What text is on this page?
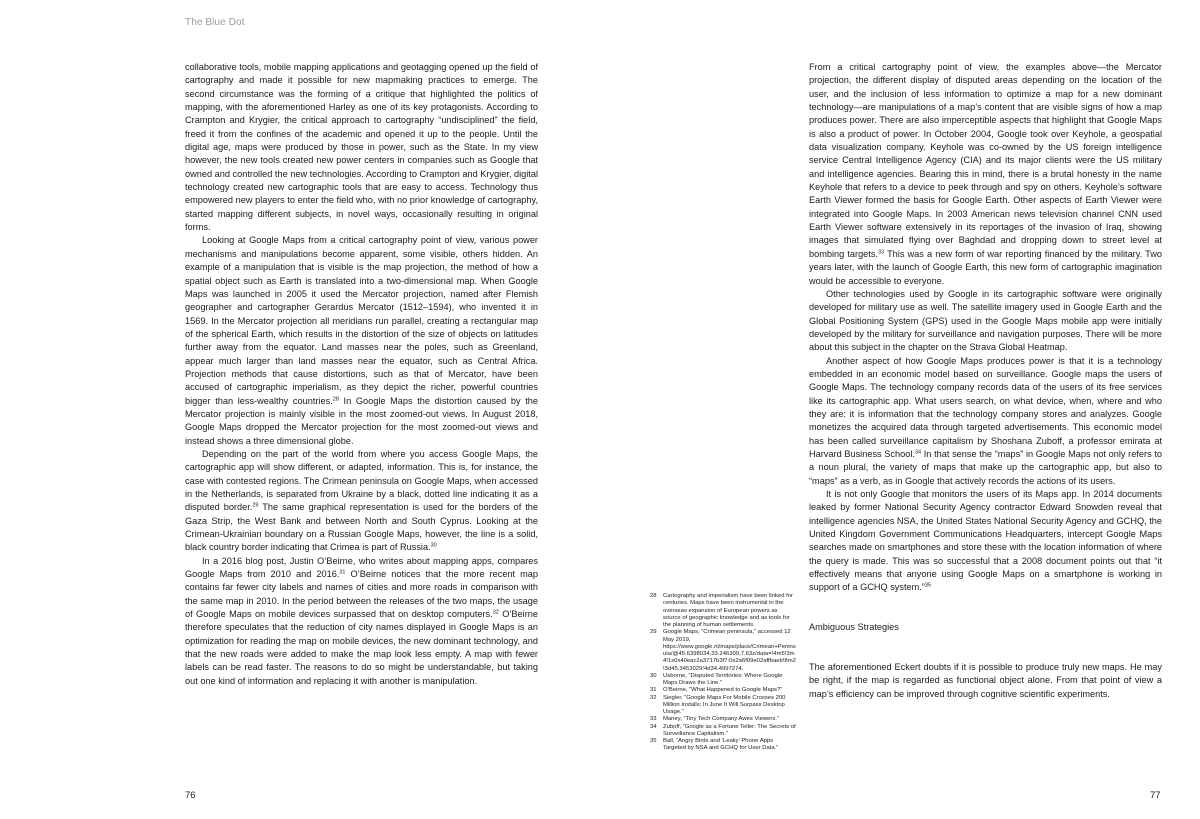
The Blue Dot

collaborative tools, mobile mapping applications and geotagging opened up the field of cartography and made it possible for new mapmaking practices to emerge. The second circumstance was the forming of a critique that highlighted the politics of mapping, with the aforementioned Harley as one of its key protagonists. According to Crampton and Krygier, the critical approach to cartography “undisciplined” the field, freed it from the confines of the academic and opened it up to the people. Until the digital age, maps were produced by those in power, such as the State. In my view however, the new tools created new power centers in companies such as Google that owned and controlled the new technologies. According to Crampton and Krygier, digital technology created new cartographic tools that are easy to access. Technology thus empowered new players to enter the field who, with no prior knowledge of cartography, started mapping different subjects, in novel ways, occasionally resulting in original forms.

Looking at Google Maps from a critical cartography point of view, various power mechanisms and manipulations become apparent, some visible, others hidden. An example of a manipulation that is visible is the map projection, the method of how a spatial object such as Earth is translated into a two-dimensional map. When Google Maps was launched in 2005 it used the Mercator projection, named after Flemish geographer and cartographer Gerardus Mercator (1512–1594), who invented it in 1569. In the Mercator projection all meridians run parallel, creating a rectangular map of the spherical Earth, which results in the distortion of the size of objects on latitudes further away from the equator. Land masses near the poles, such as Greenland, appear much larger than land masses near the equator, such as Central Africa. Projection methods that cause distortions, such as that of Mercator, have been accused of cartographic imperialism, as they depict the richer, powerful countries bigger than less-wealthy countries.$^{28}$ In Google Maps the distortion caused by the Mercator projection is mainly visible in the most zoomed-out views. In August 2018, Google Maps dropped the Mercator projection for the most zoomed-out views and instead shows a three dimensional globe.

Depending on the part of the world from where you access Google Maps, the cartographic app will show different, or adapted, information. This is, for instance, the case with contested regions. The Crimean peninsula on Google Maps, when accessed in the Netherlands, is separated from Ukraine by a black, dotted line indicating it as a disputed border.$^{29}$ The same graphical representation is used for the borders of the Gaza Strip, the West Bank and between North and South Cyprus. Looking at the Crimean-Ukrainian boundary on a Russian Google Maps, however, the line is a solid, black country border indicating that Crimea is part of Russia.$^{30}$

In a 2016 blog post, Justin O’Beirne, who writes about mapping apps, compares Google Maps from 2010 and 2016.31 O’Beirne notices that the more recent map contains far fewer city labels and names of cities and more roads in comparison with the same map in 2010. In the period between the releases of the two maps, the usage of Google Maps on mobile devices surpassed that on desktop computers.$^{32}$ O’Beirne therefore speculates that the reduction of city names displayed in Google Maps is an optimization for reading the map on mobile devices, the new dominant technology, and that the new roads were added to make the map look less empty. A map with fewer labels can be read faster. The reasons to do so might be understandable, but taking out one kind of information and replacing it with another is manipulation.

From a critical cartography point of view, the examples above—the Mercator projection, the different display of disputed areas depending on the location of the user, and the inclusion of less information to optimize a map for a new dominant technology—are manipulations of a map’s content that are visible signs of how a map produces power. There are also imperceptible aspects that highlight that Google Maps is also a product of power. In October 2004, Google took over Keyhole, a geospatial data visualization company. Keyhole was co-owned by the US foreign intelligence service Central Intelligence Agency (CIA) and its major clients were the US military and intelligence agencies. Bearing this in mind, there is a brutal honesty in the name Keyhole that refers to a device to peek through and spy on others. Keyhole’s software Earth Viewer formed the basis for Google Earth. Other aspects of Earth Viewer were integrated into Google Maps. In 2003 American news television channel CNN used Earth Viewer software extensively in its reportages of the invasion of Iraq, showing images that simulated flying over Baghdad and dropping down to street level at bombing targets.$^{33}$ This was a new form of war reporting financed by the military. Two years later, with the launch of Google Earth, this new form of cartographic imagination would be accessible to everyone.

Other technologies used by Google in its cartographic software were originally developed for military use as well. The satellite imagery used in Google Earth and the Global Positioning System (GPS) used in the Google Maps mobile app were initially developed by the military for surveillance and navigation purposes. There will be more about this subject in the chapter on the Strava Global Heatmap.

Another aspect of how Google Maps produces power is that it is a technology embedded in an economic model based on surveillance. Google maps the users of Google Maps. The technology company records data of the users of its free services like its cartographic app. What users search, on what device, when, where and who they are: it is information that the technology company stores and analyzes. Google monetizes the acquired data through targeted advertisements. This economic model has been called surveillance capitalism by Shoshana Zuboff, a professor emirata at Harvard Business School.$^{34}$ In that sense the “maps” in Google Maps not only refers to a noun plural, the variety of maps that make up the cartographic app, but also to “maps” as a verb, as in Google that actively records the actions of its users.

It is not only Google that monitors the users of its Maps app. In 2014 documents leaked by former National Security Agency contractor Edward Snowden reveal that intelligence agencies NSA, the United States National Security Agency and GCHQ, the United Kingdom Government Communications Headquarters, intercept Google Maps searches made on smartphones and store these with the location information of where the query is made. This was so successful that a 2008 document points out that “it effectively means that anyone using Google Maps on a smartphone is working in support of a GCHQ system.”$^{35}$

Ambiguous Strategies

The aforementioned Eckert doubts if it is possible to produce truly new maps. He may be right, if the map is regarded as functional object alone. From that point of view a map’s efficiency can be improved through cognitive scientific experiments.

28	Cartography and imperialism have been linked for centuries. Maps have been instrumental in the overseas expansion of European powers as source of geographic knowledge and as tools for the planning of human settlements.
29	Google Maps, “Crimean peninsula,” accessed 12 May 2019, https://www.google.nl/maps/place/Crimean+Peninsula/@45.6398034,33.246309,7.63z/data=!4m5!3m4!1s0x40eac2a3717b3f7:0x2a6f09e02affbaeb!8m2!3d45.3453029!4d34.4997274.
30	Usborne, “Disputed Territories: Where Google Maps Draws the Line.”
31	O’Beirne, “What Happened to Google Maps?”
32	Siegler, “Google Maps For Mobile Crosses 200 Million Installs; In June It Will Surpass Desktop Usage.”
33	Maney, “Tiny Tech Company Awes Viewers.”
34	Zuboff, “Google as a Fortune Teller: The Secrets of Surveillance Capitalism.”
35	Ball, “Angry Birds and ‘Leaky’ Phone Apps Targeted by NSA and GCHQ for User Data.”
76	77
